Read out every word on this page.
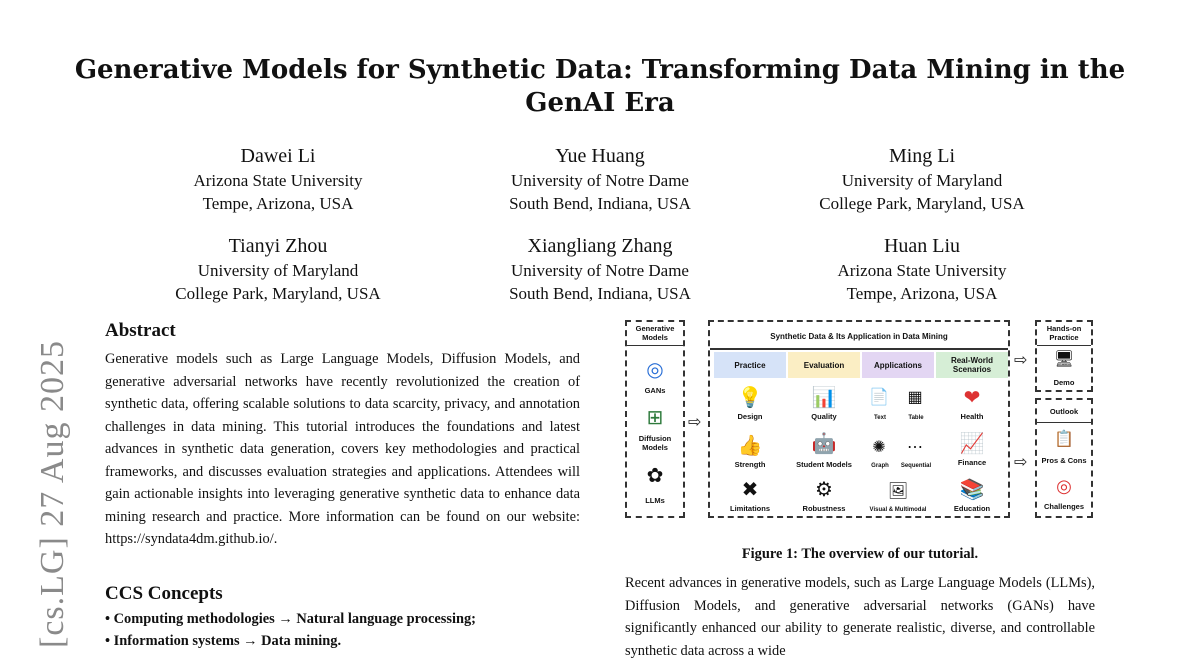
Generative Models for Synthetic Data: Transforming Data Mining in the GenAI Era
Dawei Li
Arizona State University
Tempe, Arizona, USA
Yue Huang
University of Notre Dame
South Bend, Indiana, USA
Ming Li
University of Maryland
College Park, Maryland, USA
Tianyi Zhou
University of Maryland
College Park, Maryland, USA
Xiangliang Zhang
University of Notre Dame
South Bend, Indiana, USA
Huan Liu
Arizona State University
Tempe, Arizona, USA
[cs.LG] 27 Aug 2025
Abstract
Generative models such as Large Language Models, Diffusion Models, and generative adversarial networks have recently revolutionized the creation of synthetic data, offering scalable solutions to data scarcity, privacy, and annotation challenges in data mining. This tutorial introduces the foundations and latest advances in synthetic data generation, covers key methodologies and practical frameworks, and discusses evaluation strategies and applications. Attendees will gain actionable insights into leveraging generative synthetic data to enhance data mining research and practice. More information can be found on our website: https://syndata4dm.github.io/.
CCS Concepts
• Computing methodologies → Natural language processing;
• Information systems → Data mining.
Generative Models
◎
GANs
⊞
Diffusion Models
✿
LLMs
⇨
Synthetic Data & Its Application in Data Mining
Practice
💡
Design
👍
Strength
✖
Limitations
Evaluation
📊
Quality
🤖
Student Models
⚙
Robustness
Applications
📄	▦
Text	Table
✺	⋯
Graph	Sequential
🖼
Visual & Multimodal
Real-World Scenarios
❤
Health
📈
Finance
📚
Education
⇨
⇨
Hands-on Practice
🖥
Demo
Outlook
📋
Pros & Cons
◎
Challenges
Figure 1: The overview of our tutorial.
Recent advances in generative models, such as Large Language Models (LLMs), Diffusion Models, and generative adversarial networks (GANs) have significantly enhanced our ability to generate realistic, diverse, and controllable synthetic data across a wide
